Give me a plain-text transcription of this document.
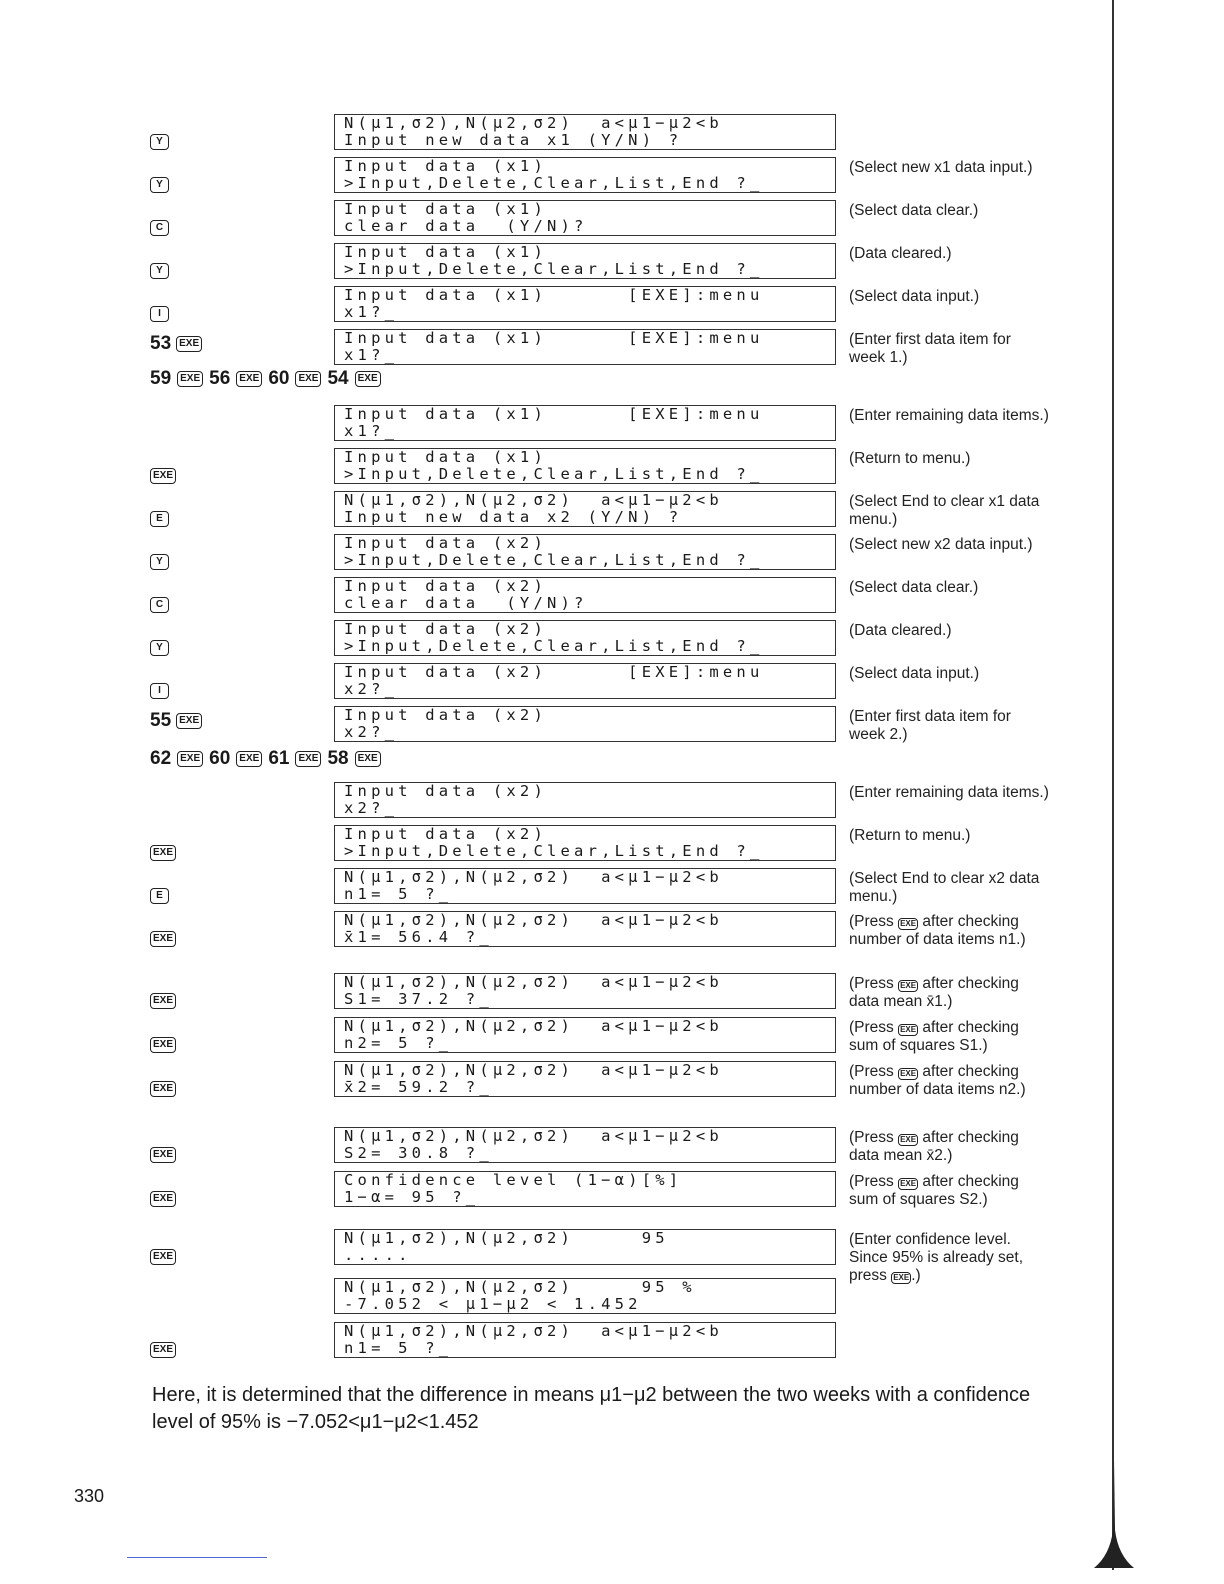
Y
N(μ1,σ2),N(μ2,σ2)  a<μ1−μ2<b
Input new data x1 (Y/N) ?
Y
Input data (x1)
>Input,Delete,Clear,List,End ?_
(Select new x1 data input.)
C
Input data (x1)
clear data  (Y/N)?
(Select data clear.)
Y
Input data (x1)
>Input,Delete,Clear,List,End ?_
(Data cleared.)
I
Input data (x1)      [EXE]:menu
x1?_
(Select data input.)
53 EXE	Input data (x1)      [EXE]:menu
x1?_
(Enter first data item for week 1.)
Input data (x1)      [EXE]:menu
x1?_
(Enter remaining data items.)
EXE
Input data (x1)
>Input,Delete,Clear,List,End ?_
(Return to menu.)
E
N(μ1,σ2),N(μ2,σ2)  a<μ1−μ2<b
Input new data x2 (Y/N) ?
(Select End to clear x1 data menu.)
Y
Input data (x2)
>Input,Delete,Clear,List,End ?_
(Select new x2 data input.)
C
Input data (x2)
clear data  (Y/N)?
(Select data clear.)
Y
Input data (x2)
>Input,Delete,Clear,List,End ?_
(Data cleared.)
I
Input data (x2)      [EXE]:menu
x2?_
(Select data input.)
55 EXE	Input data (x2)
x2?_
(Enter first data item for week 2.)
Input data (x2)
x2?_
(Enter remaining data items.)
EXE
Input data (x2)
>Input,Delete,Clear,List,End ?_
(Return to menu.)
E
N(μ1,σ2),N(μ2,σ2)  a<μ1−μ2<b
n1= 5 ?_
(Select End to clear x2 data menu.)
EXE
N(μ1,σ2),N(μ2,σ2)  a<μ1−μ2<b
x̄1= 56.4 ?_
(Press EXE after checking number of data items n1.)
EXE
N(μ1,σ2),N(μ2,σ2)  a<μ1−μ2<b
S1= 37.2 ?_
(Press EXE after checking data mean x̄1.)
EXE
N(μ1,σ2),N(μ2,σ2)  a<μ1−μ2<b
n2= 5 ?_
(Press EXE after checking sum of squares S1.)
EXE
N(μ1,σ2),N(μ2,σ2)  a<μ1−μ2<b
x̄2= 59.2 ?_
(Press EXE after checking number of data items n2.)
EXE
N(μ1,σ2),N(μ2,σ2)  a<μ1−μ2<b
S2= 30.8 ?_
(Press EXE after checking data mean x̄2.)
EXE
Confidence level (1−α)[%]
1−α= 95 ?_
(Press EXE after checking sum of squares S2.)
EXE
N(μ1,σ2),N(μ2,σ2)     95
.....
(Enter confidence level. Since 95% is already set, press EXE .)
N(μ1,σ2),N(μ2,σ2)     95 %
-7.052 < μ1−μ2 < 1.452
EXE
N(μ1,σ2),N(μ2,σ2)  a<μ1−μ2<b
n1= 5 ?_
59 EXE 56 EXE 60 EXE 54 EXE
62 EXE 60 EXE 61 EXE 58 EXE
Here, it is determined that the difference in means μ1−μ2 between the two weeks with a confidence level of 95% is −7.052<μ1−μ2<1.452
330
